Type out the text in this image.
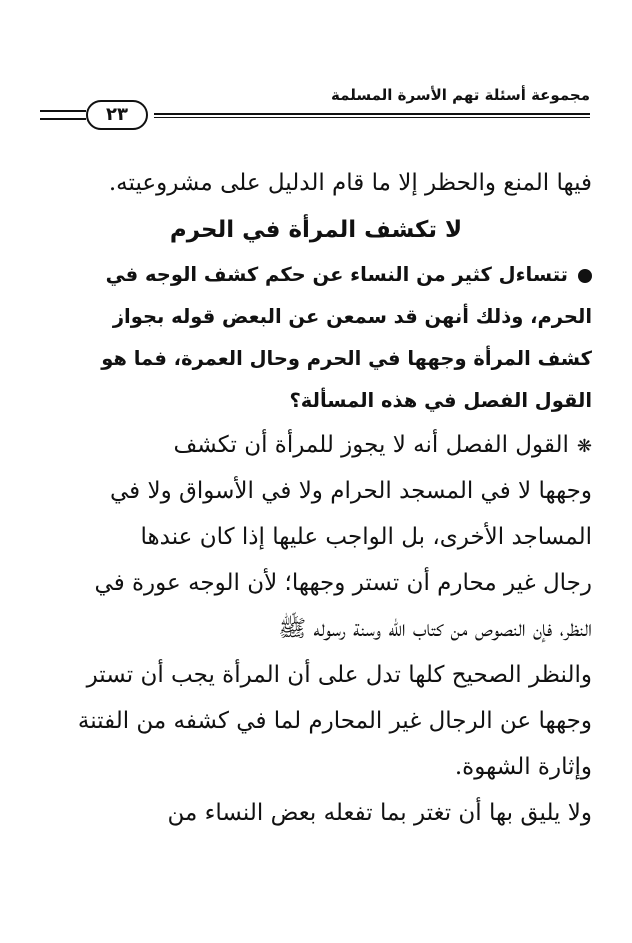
مجموعة أسئلة تهم الأسرة المسلمة
٢٣
فيها المنع والحظر إلا ما قام الدليل على مشروعيته.
لا تكشف المرأة في الحرم
تتساءل كثير من النساء عن حكم كشف الوجه في
الحرم، وذلك أنهن قد سمعن عن البعض قوله بجواز
كشف المرأة وجهها في الحرم وحال العمرة، فما هو
القول الفصل في هذه المسألة؟
❋القول الفصل أنه لا يجوز للمرأة أن تكشف
وجهها لا في المسجد الحرام ولا في الأسواق ولا في
المساجد الأخرى، بل الواجب عليها إذا كان عندها
رجال غير محارم أن تستر وجهها؛ لأن الوجه عورة في
النظر، فإن النصوص من كتاب الله وسنة رسوله ﷺ
والنظر الصحيح كلها تدل على أن المرأة يجب أن تستر
وجهها عن الرجال غير المحارم لما في كشفه من الفتنة
وإثارة الشهوة.
ولا يليق بها أن تغتر بما تفعله بعض النساء من
